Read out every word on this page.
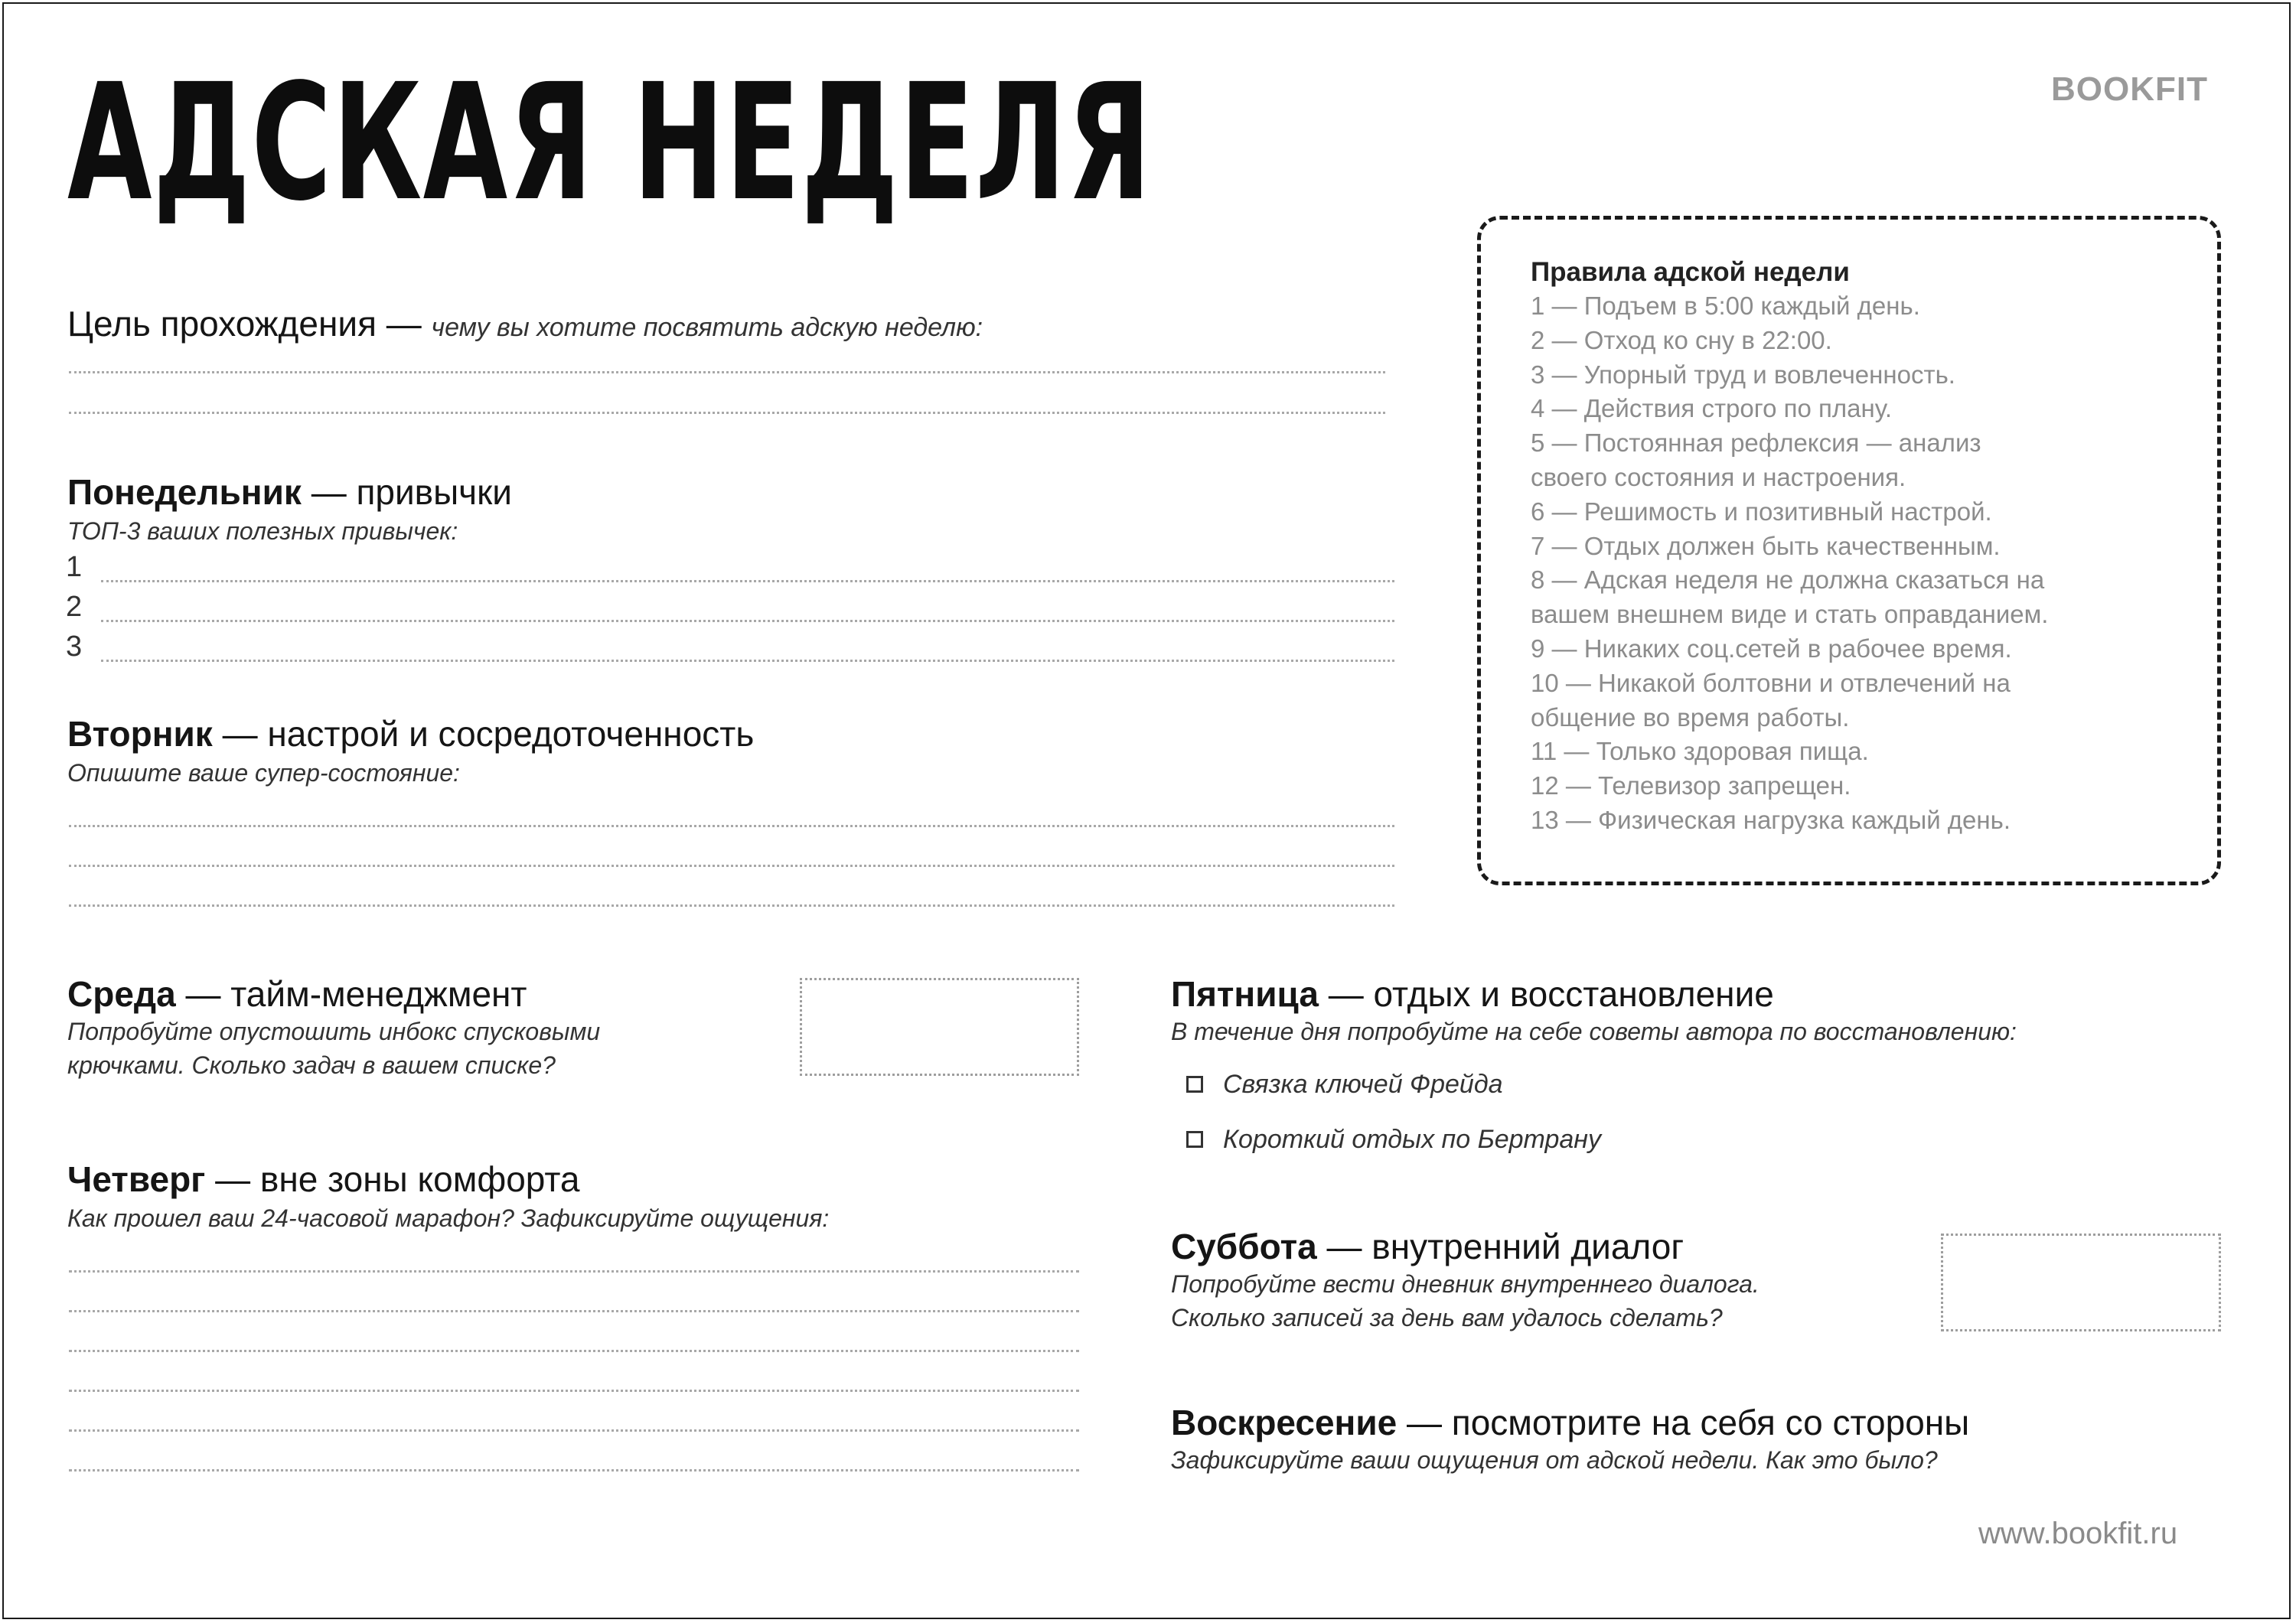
АДСКАЯ НЕДЕЛЯ	BOOKFIT
Цель прохождения — чему вы хотите посвятить адскую неделю:
Понедельник — привычки
ТОП-3 ваших полезных привычек:
1
2
3
Вторник — настрой и сосредоточенность
Опишите ваше супер-состояние:
Среда — тайм-менеджмент
Попробуйте опустошить инбокс спусковыми
крючками. Сколько задач в вашем списке?
Четверг — вне зоны комфорта
Как прошел ваш 24-часовой марафон? Зафиксируйте ощущения:
Правила адской недели
1 — Подъем в 5:00 каждый день.
2 — Отход ко сну в 22:00.
3 — Упорный труд и вовлеченность.
4 — Действия строго по плану.
5 — Постоянная рефлексия — анализ
своего состояния и настроения.
6 — Решимость и позитивный настрой.
7 — Отдых должен быть качественным.
8 — Адская неделя не должна сказаться на
вашем внешнем виде и стать оправданием.
9 — Никаких соц.сетей в рабочее время.
10 — Никакой болтовни и отвлечений на
общение во время работы.
11 — Только здоровая пища.
12 — Телевизор запрещен.
13 — Физическая нагрузка каждый день.
Пятница — отдых и восстановление
В течение дня попробуйте на себе советы автора по восстановлению:
Связка ключей Фрейда
Короткий отдых по Бертрану
Суббота — внутренний диалог
Попробуйте вести дневник внутреннего диалога.
Сколько записей за день вам удалось сделать?
Воскресение — посмотрите на себя со стороны
Зафиксируйте ваши ощущения от адской недели. Как это было?
www.bookfit.ru
